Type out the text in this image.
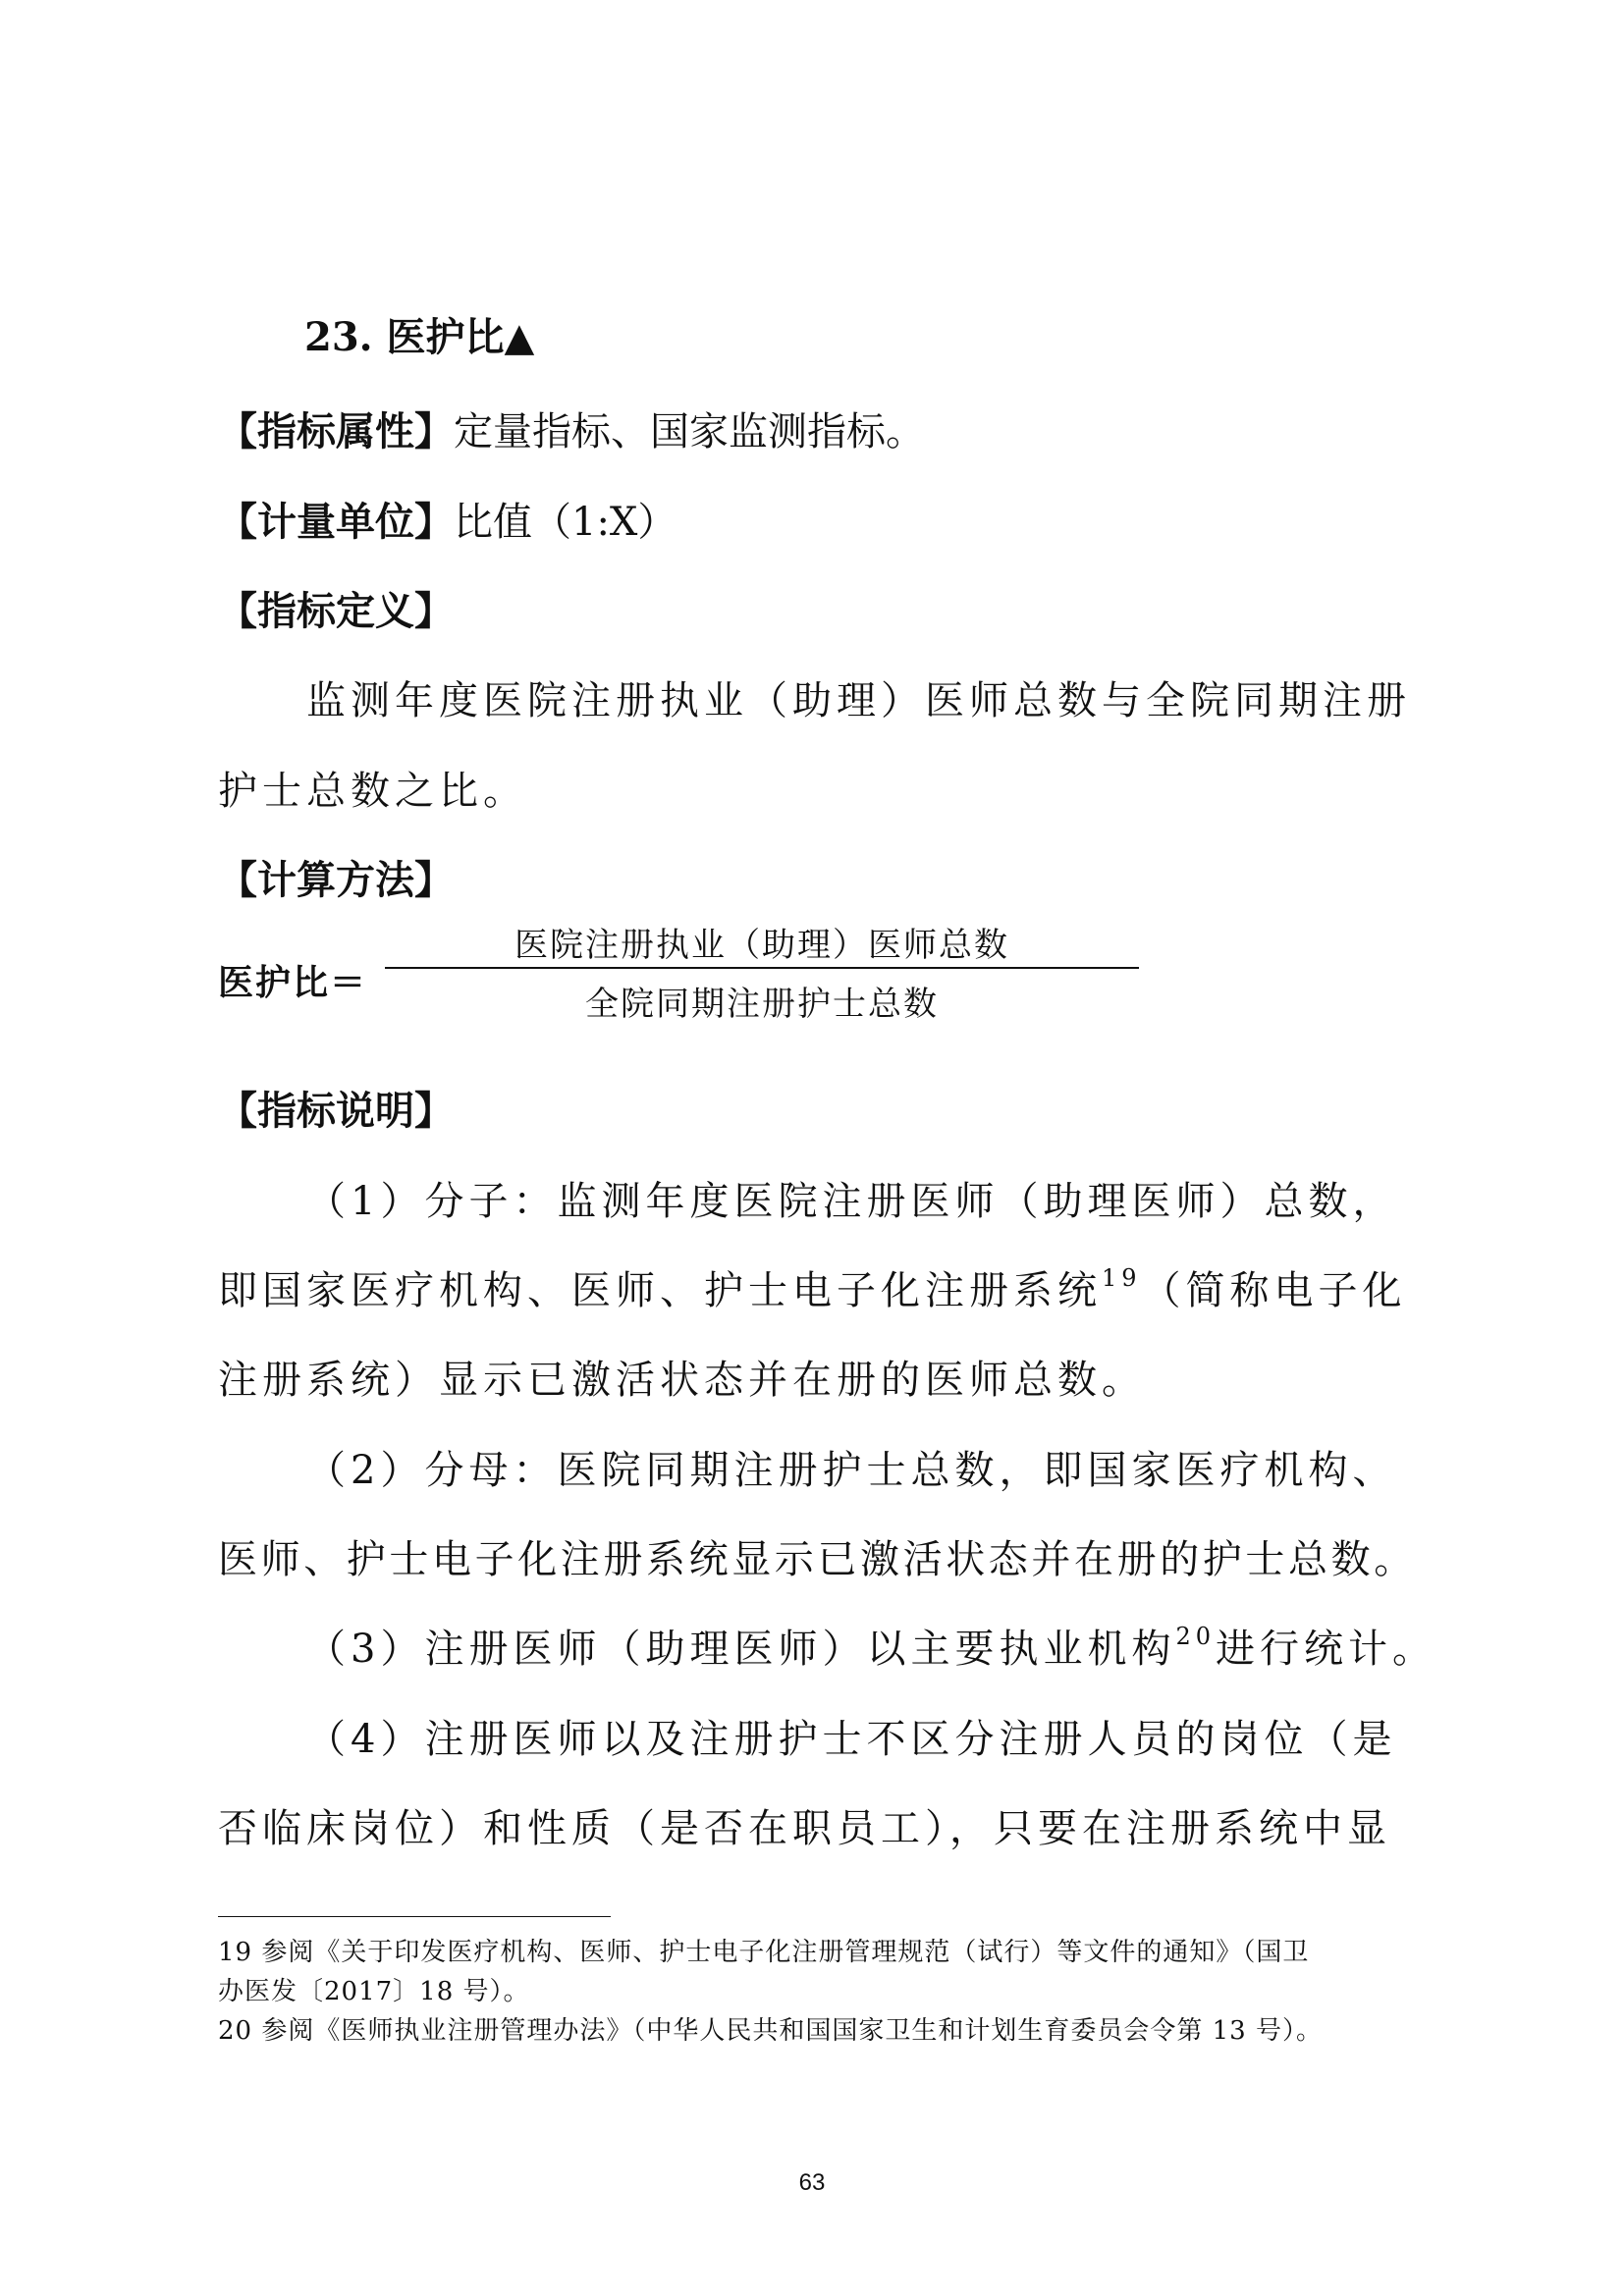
23. 医护比▲
【指标属性】定量指标、国家监测指标。
【计量单位】比值（1:X）
【指标定义】
监测年度医院注册执业（助理）医师总数与全院同期注册
护士总数之比。
【计算方法】
医护比＝
医院注册执业（助理）医师总数
全院同期注册护士总数
【指标说明】
（1）分子：监测年度医院注册医师（助理医师）总数，
即国家医疗机构、医师、护士电子化注册系统$^{19}$（简称电子化
注册系统）显示已激活状态并在册的医师总数。
（2）分母：医院同期注册护士总数，即国家医疗机构、
医师、护士电子化注册系统显示已激活状态并在册的护士总数。
（3）注册医师（助理医师）以主要执业机构$^{20}$进行统计。
（4）注册医师以及注册护士不区分注册人员的岗位（是
否临床岗位）和性质（是否在职员工），只要在注册系统中显
19 参阅《关于印发医疗机构、医师、护士电子化注册管理规范（试行）等文件的通知》（国卫
办医发〔2017〕18 号）。
20 参阅《医师执业注册管理办法》（中华人民共和国国家卫生和计划生育委员会令第 13 号）。
63
